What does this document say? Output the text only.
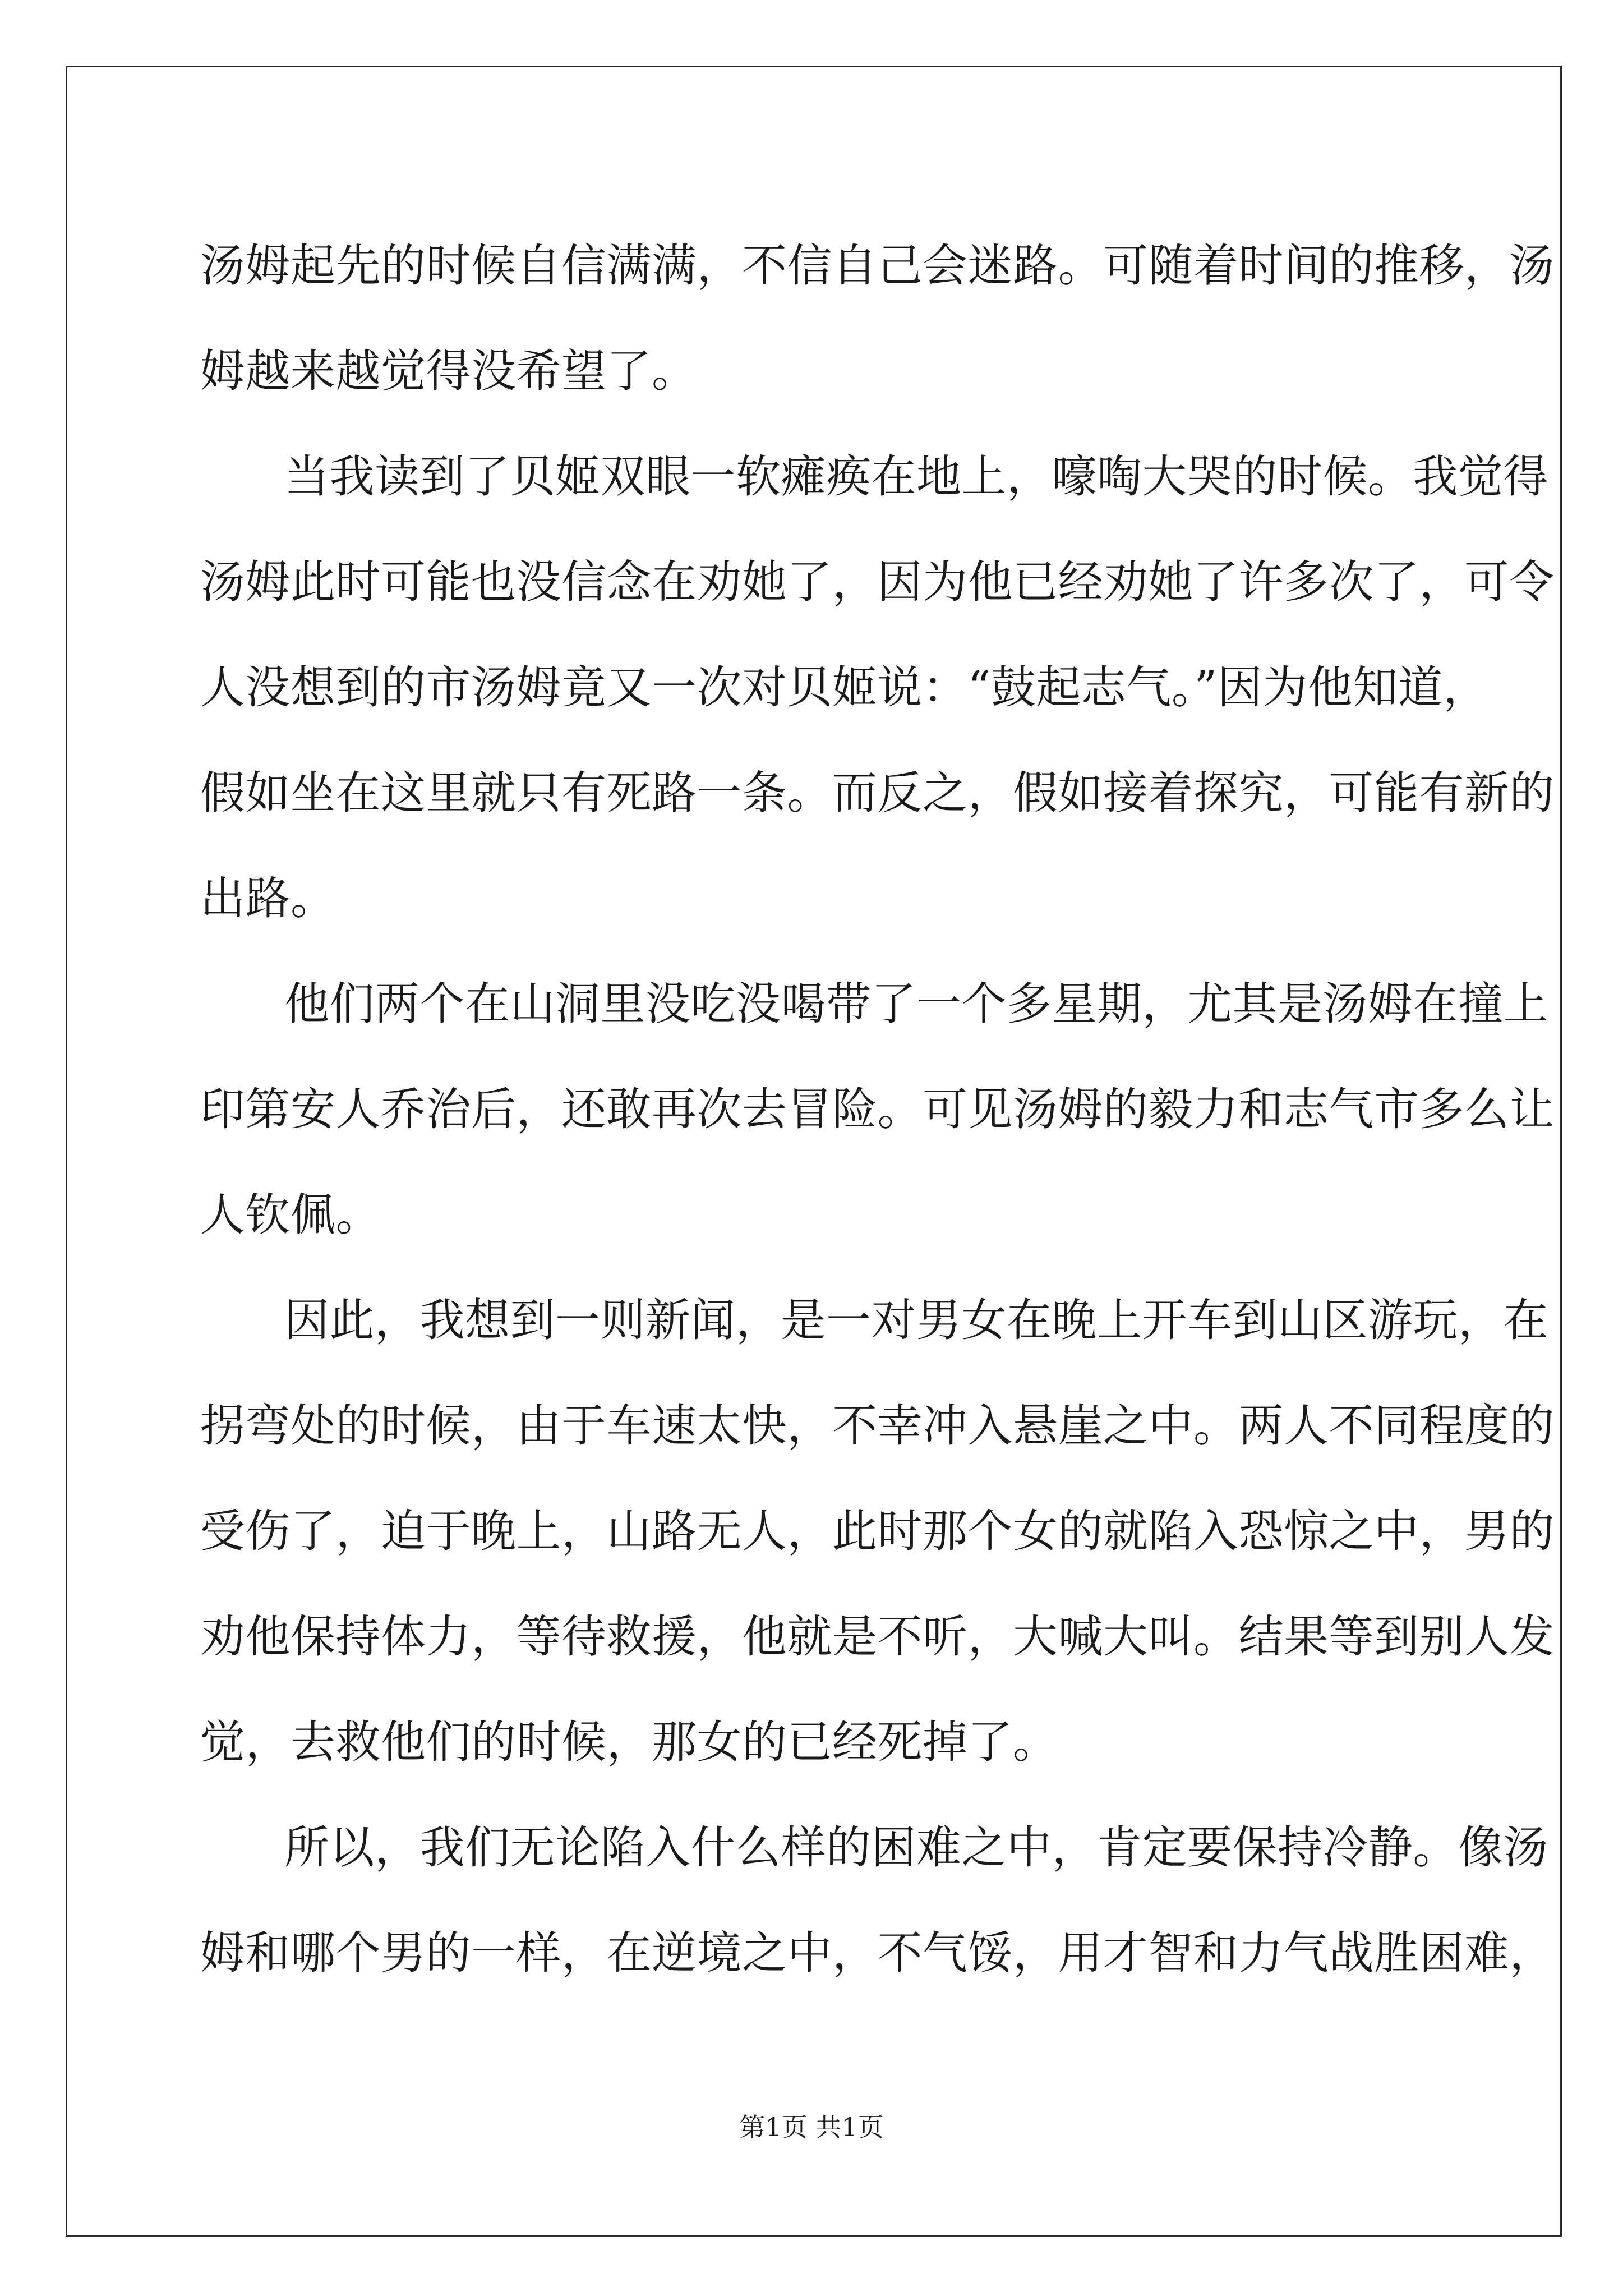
汤姆起先的时候自信满满，不信自己会迷路。可随着时间的推移，汤
姆越来越觉得没希望了。
当我读到了贝姬双眼一软瘫痪在地上，嚎啕大哭的时候。我觉得
汤姆此时可能也没信念在劝她了，因为他已经劝她了许多次了，可令
人没想到的市汤姆竟又一次对贝姬说：“鼓起志气。”因为他知道，
假如坐在这里就只有死路一条。而反之，假如接着探究，可能有新的
出路。
他们两个在山洞里没吃没喝带了一个多星期，尤其是汤姆在撞上
印第安人乔治后，还敢再次去冒险。可见汤姆的毅力和志气市多么让
人钦佩。
因此，我想到一则新闻，是一对男女在晚上开车到山区游玩，在
拐弯处的时候，由于车速太快，不幸冲入悬崖之中。两人不同程度的
受伤了，迫于晚上，山路无人，此时那个女的就陷入恐惊之中，男的
劝他保持体力，等待救援，他就是不听，大喊大叫。结果等到别人发
觉，去救他们的时候，那女的已经死掉了。
所以，我们无论陷入什么样的困难之中，肯定要保持冷静。像汤
姆和哪个男的一样，在逆境之中，不气馁，用才智和力气战胜困难，
第1页 共1页
